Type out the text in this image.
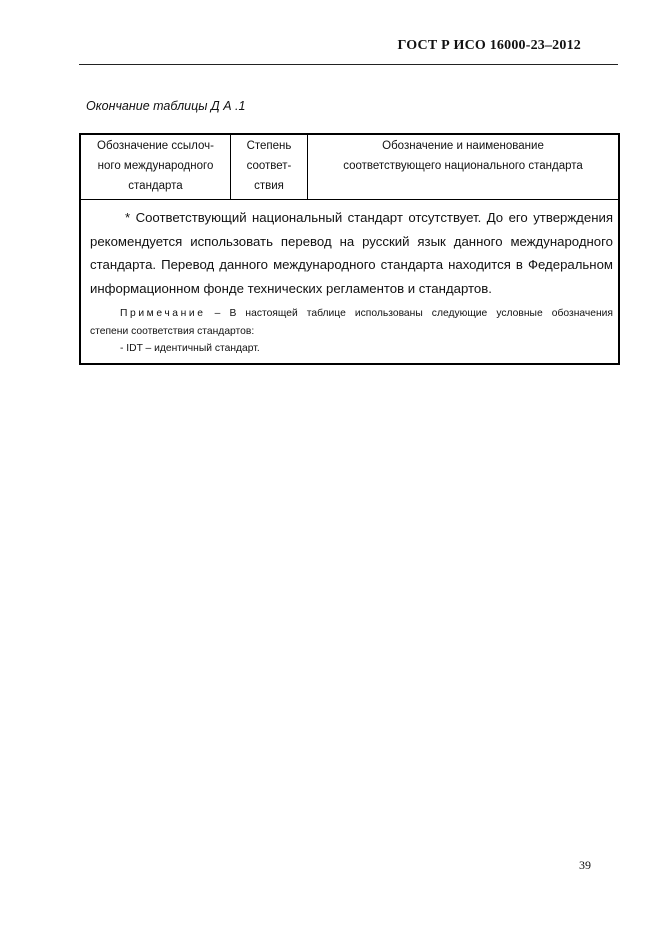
ГОСТ Р ИСО 16000-23–2012
Окончание таблицы Д А .1
Обозначение ссылоч-
ного международного
стандарта
Степень
соответ-
ствия
Обозначение и наименование
соответствующего национального стандарта
* Соответствующий национальный стандарт отсутствует. До его утверждения
рекомендуется использовать перевод на русский язык данного международного
стандарта. Перевод данного международного стандарта находится в Федеральном
информационном фонде технических регламентов и стандартов.
Примечание – В настоящей таблице использованы следующие условные обозначения
степени соответствия стандартов:
- IDT – идентичный стандарт.
39
